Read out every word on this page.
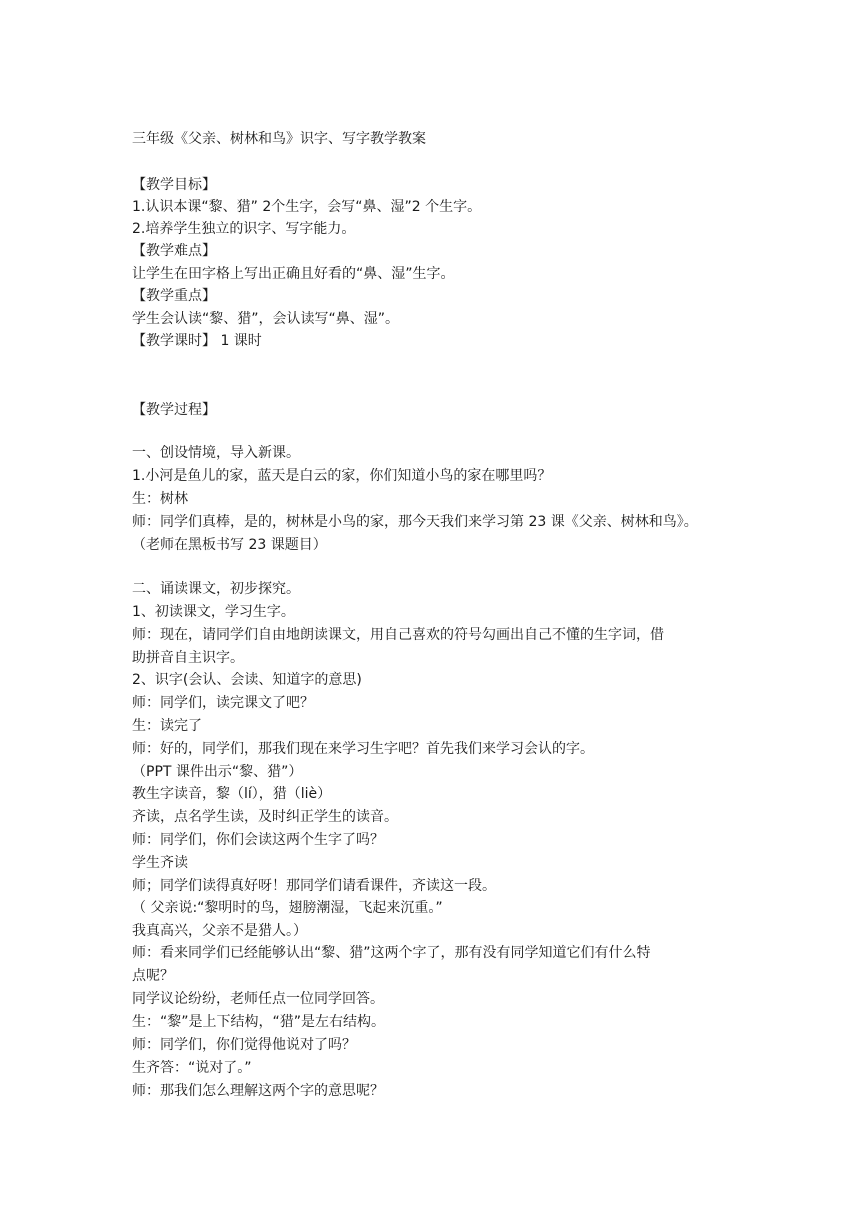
三年级《父亲、树林和鸟》识字、写字教学教案
【教学目标】
1.认识本课“黎、猎” 2个生字，会写“鼻、湿”2 个生字。
2.培养学生独立的识字、写字能力。
【教学难点】
让学生在田字格上写出正确且好看的“鼻、湿”生字。
【教学重点】
学生会认读“黎、猎”，会认读写“鼻、湿”。
【教学课时】 1 课时
【教学过程】
一、创设情境，导入新课。
1.小河是鱼儿的家，蓝天是白云的家，你们知道小鸟的家在哪里吗？
生：树林
师：同学们真棒，是的，树林是小鸟的家，那今天我们来学习第 23 课《父亲、树林和鸟》。
（老师在黑板书写 23 课题目）
二、诵读课文，初步探究。
1、初读课文，学习生字。
师：现在，请同学们自由地朗读课文，用自己喜欢的符号勾画出自己不懂的生字词，借
助拼音自主识字。
2、识字(会认、会读、知道字的意思)
师：同学们，读完课文了吧？
生：读完了
师：好的，同学们，那我们现在来学习生字吧？首先我们来学习会认的字。
（PPT 课件出示“黎、猎”）
教生字读音，黎（lí），猎（liè）
齐读，点名学生读，及时纠正学生的读音。
师：同学们，你们会读这两个生字了吗？
学生齐读
师；同学们读得真好呀！那同学们请看课件，齐读这一段。
（ 父亲说:“黎明时的鸟，翅膀潮湿，飞起来沉重。”
我真高兴，父亲不是猎人。）
师：看来同学们已经能够认出“黎、猎”这两个字了，那有没有同学知道它们有什么特
点呢？
同学议论纷纷，老师任点一位同学回答。
生：“黎”是上下结构，“猎”是左右结构。
师：同学们，你们觉得他说对了吗？
生齐答：“说对了。”
师：那我们怎么理解这两个字的意思呢？
